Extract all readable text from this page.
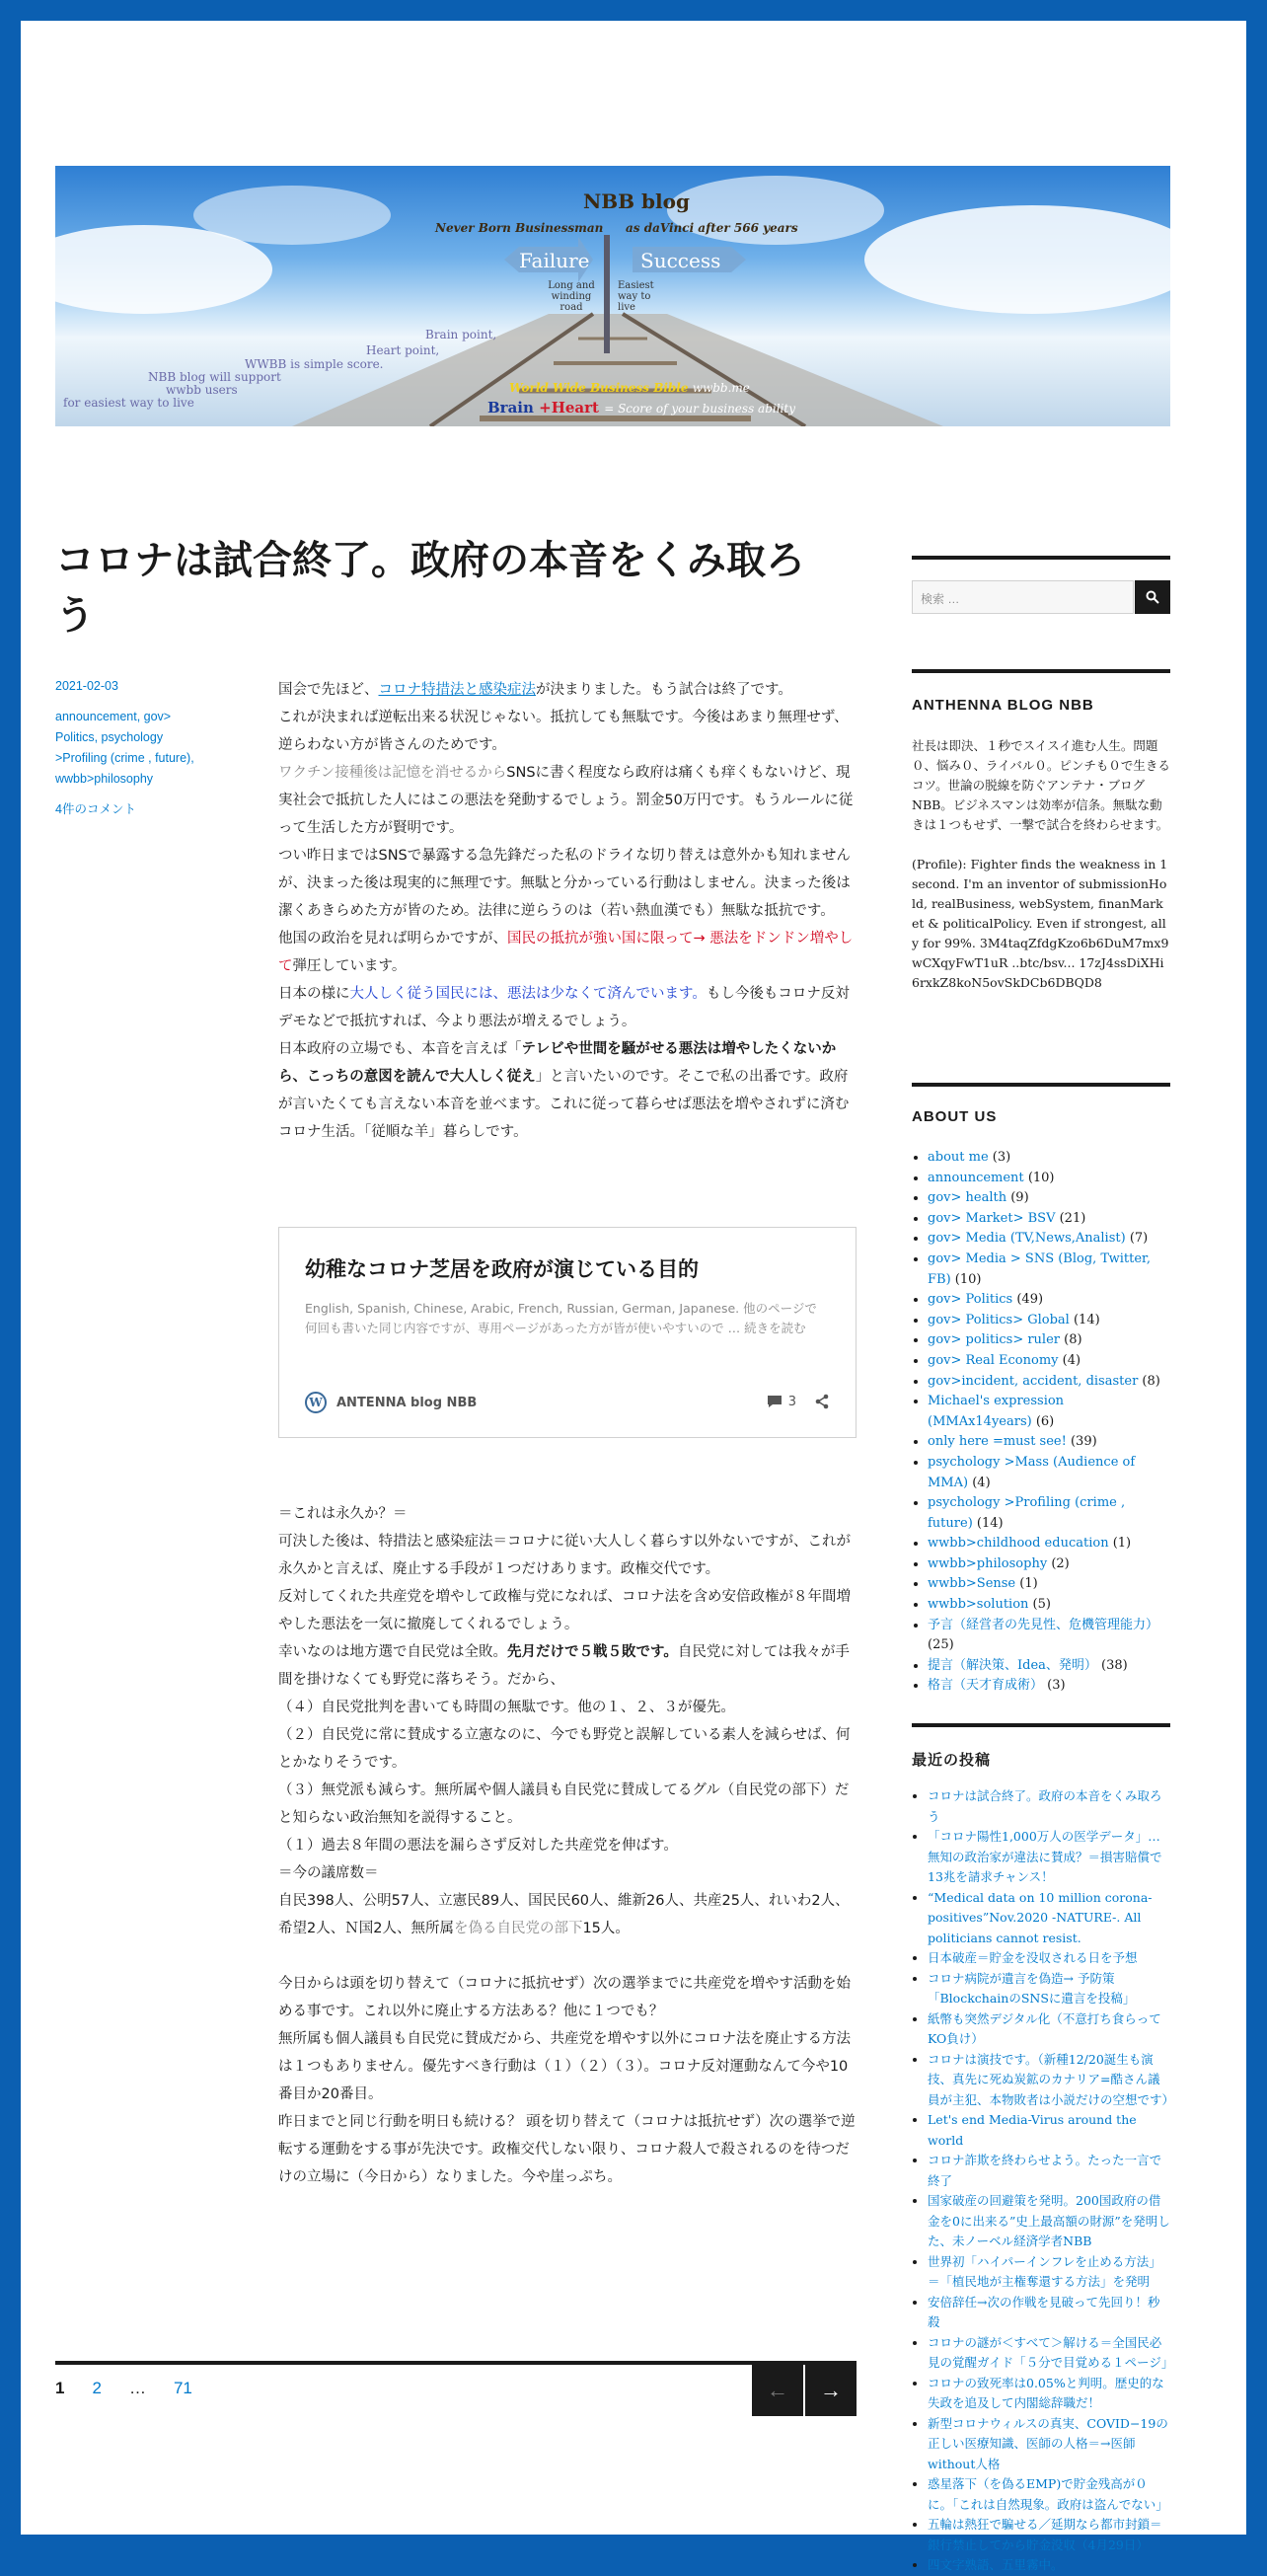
NBB blog
Never Born Businessman as daVinci after 566 years
Failure	Success
Long and winding road
Easiest way to live
Brain point,
Heart point,
WWBB is simple score.
NBB blog will support
wwbb users
for easiest way to live
World Wide Business Bible wwbb.me
Brain +Heart = Score of your business ability
コロナは試合終了。政府の本音をくみ取ろう
2021-02-03
announcement, gov>
Politics, psychology
>Profiling (crime , future),
wwbb>philosophy
4件のコメント

国会で先ほど、コロナ特措法と感染症法が決まりました。もう試合は終了です。

これが決まれば逆転出来る状況じゃない。抵抗しても無駄です。今後はあまり無理せず、逆らわない方が皆さんのためです。

ワクチン接種後は記憶を消せるからSNSに書く程度なら政府は痛くも痒くもないけど、現実社会で抵抗した人にはこの悪法を発動するでしょう。罰金50万円です。もうルールに従って生活した方が賢明です。

つい昨日まではSNSで暴露する急先鋒だった私のドライな切り替えは意外かも知れませんが、決まった後は現実的に無理です。無駄と分かっている行動はしません。決まった後は潔くあきらめた方が皆のため。法律に逆らうのは（若い熱血漢でも）無駄な抵抗です。

他国の政治を見れば明らかですが、国民の抵抗が強い国に限って→ 悪法をドンドン増やして弾圧しています。

日本の様に大人しく従う国民には、悪法は少なくて済んでいます。もし今後もコロナ反対デモなどで抵抗すれば、今より悪法が増えるでしょう。

日本政府の立場でも、本音を言えば「テレビや世間を騒がせる悪法は増やしたくないから、こっちの意図を読んで大人しく従え」と言いたいのです。そこで私の出番です。政府が言いたくても言えない本音を並べます。これに従って暮らせば悪法を増やされずに済むコロナ生活。「従順な羊」暮らしです。

幼稚なコロナ芝居を政府が演じている目的
English, Spanish, Chinese, Arabic, French, Russian, German, Japanese. 他のページで何回も書いた同じ内容ですが、専用ページがあった方が皆が使いやすいので … 続きを読む
W	ANTENNA blog NBB	3

＝これは永久か？＝

可決した後は、特措法と感染症法＝コロナに従い大人しく暮らす以外ないですが、これが永久かと言えば、廃止する手段が１つだけあります。政権交代です。

反対してくれた共産党を増やして政権与党になれば、コロナ法を含め安倍政権が８年間増やした悪法を一気に撤廃してくれるでしょう。

幸いなのは地方選で自民党は全敗。先月だけで５戦５敗です。自民党に対しては我々が手間を掛けなくても野党に落ちそう。だから、

（４）自民党批判を書いても時間の無駄です。他の１、２、３が優先。

（２）自民党に常に賛成する立憲なのに、今でも野党と誤解している素人を減らせば、何とかなりそうです。

（３）無党派も減らす。無所属や個人議員も自民党に賛成してるグル（自民党の部下）だと知らない政治無知を説得すること。

（１）過去８年間の悪法を漏らさず反対した共産党を伸ばす。

＝今の議席数＝

自民398人、公明57人、立憲民89人、国民民60人、維新26人、共産25人、れいわ2人、希望2人、Ｎ国2人、無所属を偽る自民党の部下15人。

今日からは頭を切り替えて（コロナに抵抗せず）次の選挙までに共産党を増やす活動を始める事です。これ以外に廃止する方法ある？他に１つでも？

無所属も個人議員も自民党に賛成だから、共産党を増やす以外にコロナ法を廃止する方法は１つもありません。優先すべき行動は（１）（２）（３）。コロナ反対運動なんて今や10番目か20番目。

昨日までと同じ行動を明日も続ける？ 頭を切り替えて（コロナは抵抗せず）次の選挙で逆転する運動をする事が先決です。政権交代しない限り、コロナ殺人で殺されるのを待つだけの立場に（今日から）なりました。今や崖っぷち。

1 2 … 71	← →
検索 …
ANTHENNA BLOG NBB

社長は即決、１秒でスイスイ進む人生。問題０、悩み０、ライバル０。ピンチも０で生きるコツ。世論の脱線を防ぐアンテナ・ブログNBB。ビジネスマンは効率が信条。無駄な動きは１つもせず、一撃で試合を終わらせます。

(Profile): Fighter finds the weakness in 1 second. I'm an inventor of submissionHold, realBusiness, webSystem, finanMarket & politicalPolicy. Even if strongest, ally for 99%. 3M4taqZfdgKzo6b6DuM7mx9wCXqyFwT1uR ..btc/bsv... 17zJ4ssDiXHi6rxkZ8koN5ovSkDCb6DBQD8

ABOUT US
• about me (3)
• announcement (10)
• gov> health (9)
• gov> Market> BSV (21)
• gov> Media (TV,News,Analist) (7)
• gov> Media > SNS (Blog, Twitter, FB) (10)
• gov> Politics (49)
• gov> Politics> Global (14)
• gov> politics> ruler (8)
• gov> Real Economy (4)
• gov>incident, accident, disaster (8)
• Michael's expression (MMAx14years) (6)
• only here =must see! (39)
• psychology >Mass (Audience of MMA) (4)
• psychology >Profiling (crime , future) (14)
• wwbb>childhood education (1)
• wwbb>philosophy (2)
• wwbb>Sense (1)
• wwbb>solution (5)
• 予言（経営者の先見性、危機管理能力） (25)
• 提言（解決策、Idea、発明） (38)
• 格言（天才育成術） (3)
最近の投稿
• コロナは試合終了。政府の本音をくみ取ろう
• 「コロナ陽性1,000万人の医学データ」…無知の政治家が違法に賛成？＝損害賠償で13兆を請求チャンス！
• “Medical data on 10 million corona-positives”Nov.2020 -NATURE-. All politicians cannot resist.
• 日本破産＝貯金を没収される日を予想
• コロナ病院が遺言を偽造→ 予防策「BlockchainのSNSに遺言を投稿」
• 紙幣も突然デジタル化（不意打ち食らってKO負け）
• コロナは演技です。（新種12/20誕生も演技、真先に死ぬ炭鉱のカナリア=酷さん議員が主犯、本物敗者は小説だけの空想です）
• Let's end Media-Virus around the world
• コロナ詐欺を終わらせよう。たった一言で終了
• 国家破産の回避策を発明。200国政府の借金を0に出来る”史上最高額の財源”を発明した、未ノーベル経済学者NBB
• 世界初「ハイパーインフレを止める方法」＝「植民地が主権奪還する方法」を発明
• 安倍辞任→次の作戦を見破って先回り！秒殺
• コロナの謎が＜すべて＞解ける＝全国民必見の覚醒ガイド「５分で目覚める１ページ」
• コロナの致死率は0.05%と判明。歴史的な失政を追及して内閣総辞職だ！
• 新型コロナウィルスの真実、COVID−19の正しい医療知識、医師の人格＝→医師without人格
• 惑星落下（を偽るEMP)で貯金残高が０に。「これは自然現象。政府は盗んでない」
• 五輪は熱狂で騙せる／延期なら都市封鎖＝銀行禁止してから貯金没収（4月29日）
• 四文字熟語、五里霧中。
